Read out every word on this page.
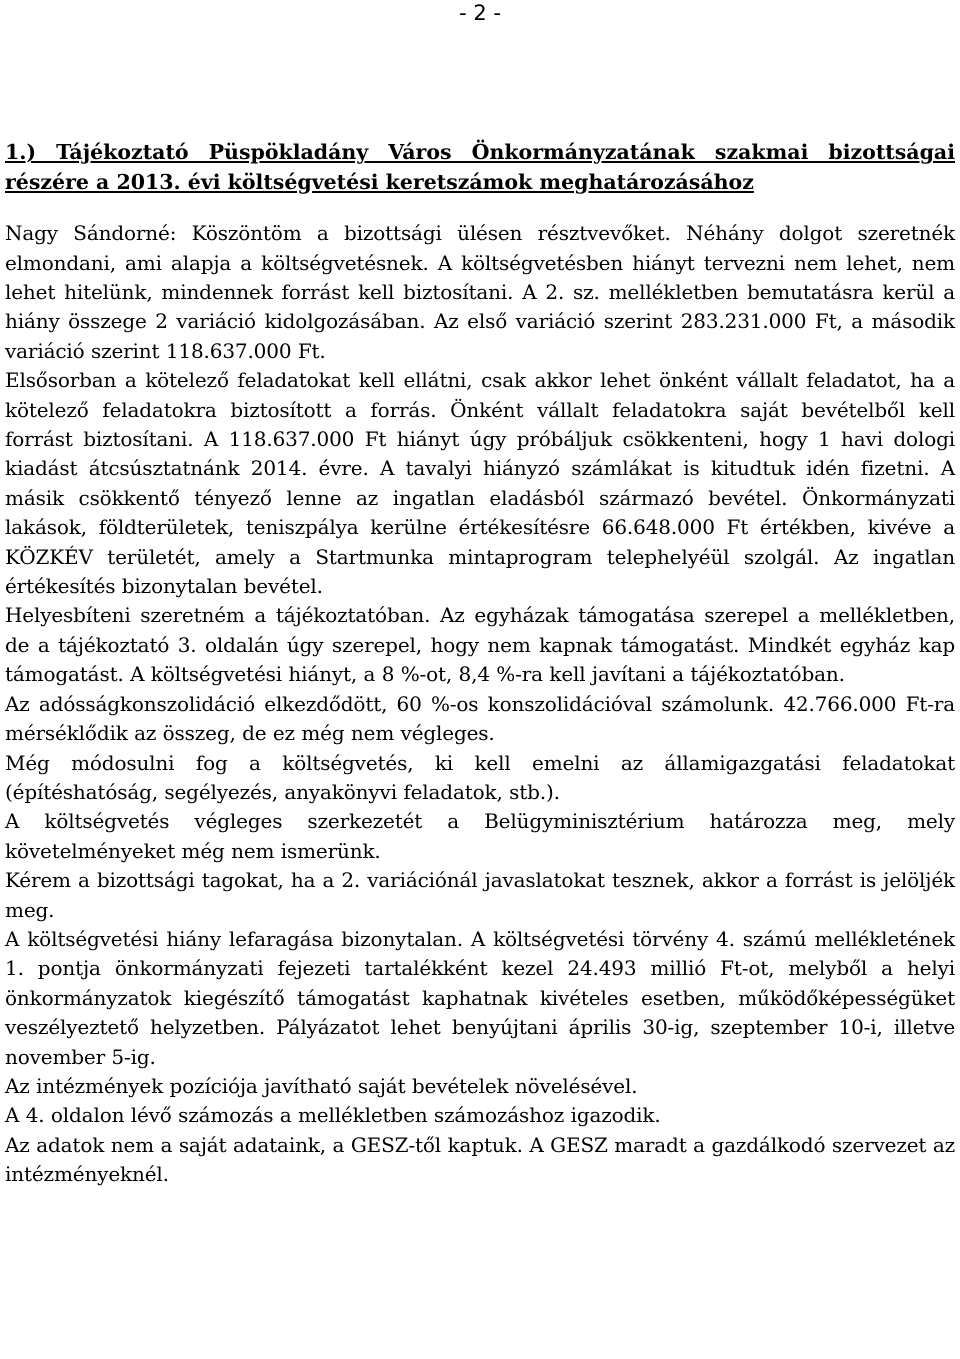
- 2 -

1.) Tájékoztató Püspökladány Város Önkormányzatának szakmai bizottságai részére a 2013. évi költségvetési keretszámok meghatározásához

Nagy Sándorné: Köszöntöm a bizottsági ülésen résztvevőket. Néhány dolgot szeretnék elmondani, ami alapja a költségvetésnek. A költségvetésben hiányt tervezni nem lehet, nem lehet hitelünk, mindennek forrást kell biztosítani. A 2. sz. mellékletben bemutatásra kerül a hiány összege 2 variáció kidolgozásában. Az első variáció szerint 283.231.000 Ft, a második variáció szerint 118.637.000 Ft.

Elsősorban a kötelező feladatokat kell ellátni, csak akkor lehet önként vállalt feladatot, ha a kötelező feladatokra biztosított a forrás. Önként vállalt feladatokra saját bevételből kell forrást biztosítani. A 118.637.000 Ft hiányt úgy próbáljuk csökkenteni, hogy 1 havi dologi kiadást átcsúsztatnánk 2014. évre. A tavalyi hiányzó számlákat is kitudtuk idén fizetni. A másik csökkentő tényező lenne az ingatlan eladásból származó bevétel. Önkormányzati lakások, földterületek, teniszpálya kerülne értékesítésre 66.648.000 Ft értékben, kivéve a KÖZKÉV területét, amely a Startmunka mintaprogram telephelyéül szolgál. Az ingatlan értékesítés bizonytalan bevétel.

Helyesbíteni szeretném a tájékoztatóban. Az egyházak támogatása szerepel a mellékletben, de a tájékoztató 3. oldalán úgy szerepel, hogy nem kapnak támogatást. Mindkét egyház kap támogatást. A költségvetési hiányt, a 8 %-ot, 8,4 %-ra kell javítani a tájékoztatóban.

Az adósságkonszolidáció elkezdődött, 60 %-os konszolidációval számolunk. 42.766.000 Ft-ra mérséklődik az összeg, de ez még nem végleges.

Még módosulni fog a költségvetés, ki kell emelni az államigazgatási feladatokat (építéshatóság, segélyezés, anyakönyvi feladatok, stb.).

A költségvetés végleges szerkezetét a Belügyminisztérium határozza meg, mely követelményeket még nem ismerünk.

Kérem a bizottsági tagokat, ha a 2. variációnál javaslatokat tesznek, akkor a forrást is jelöljék meg.

A költségvetési hiány lefaragása bizonytalan. A költségvetési törvény 4. számú mellékletének 1. pontja önkormányzati fejezeti tartalékként kezel 24.493 millió Ft-ot, melyből a helyi önkormányzatok kiegészítő támogatást kaphatnak kivételes esetben, működőképességüket veszélyeztető helyzetben. Pályázatot lehet benyújtani április 30-ig, szeptember 10-i, illetve november 5-ig.

Az intézmények pozíciója javítható saját bevételek növelésével.

A 4. oldalon lévő számozás a mellékletben számozáshoz igazodik.

Az adatok nem a saját adataink, a GESZ-től kaptuk. A GESZ maradt a gazdálkodó szervezet az intézményeknél.
